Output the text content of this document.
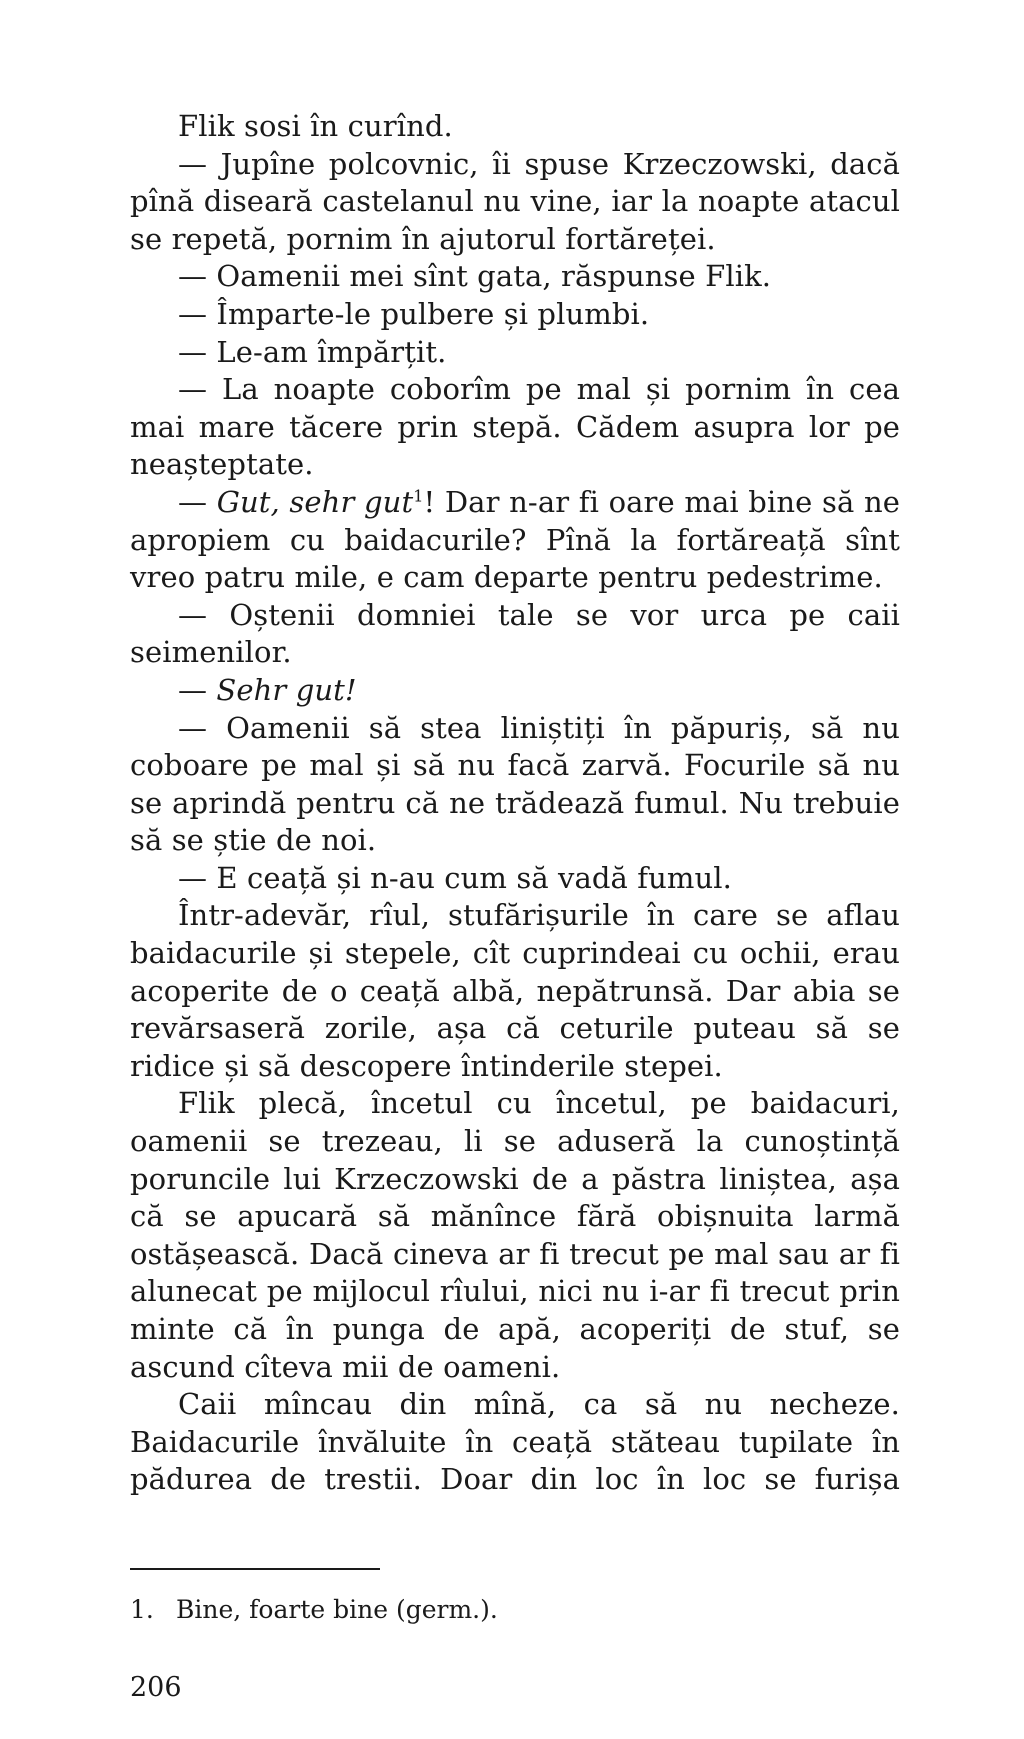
Flik sosi în curînd.

— Jupîne polcovnic, îi spuse Krzeczowski, dacă pînă diseară castelanul nu vine, iar la noapte atacul se repetă, pornim în ajutorul fortăreței.

— Oamenii mei sînt gata, răspunse Flik.

— Împarte-le pulbere și plumbi.

— Le-am împărțit.

— La noapte coborîm pe mal și pornim în cea mai mare tăcere prin stepă. Cădem asupra lor pe neașteptate.

— Gut, sehr gut$^1$! Dar n-ar fi oare mai bine să ne apropiem cu baidacurile? Pînă la fortăreață sînt vreo patru mile, e cam departe pentru pedestrime.

— Oștenii domniei tale se vor urca pe caii seimenilor.

— Sehr gut!

— Oamenii să stea liniștiți în păpuriș, să nu coboare pe mal și să nu facă zarvă. Focurile să nu se aprindă pentru că ne trădează fumul. Nu trebuie să se știe de noi.

— E ceață și n-au cum să vadă fumul.

Într-adevăr, rîul, stufărișurile în care se aflau baidacurile și stepele, cît cuprindeai cu ochii, erau acoperite de o ceață albă, nepătrunsă. Dar abia se revărsaseră zorile, așa că ceturile puteau să se ridice și să descopere întinderile stepei.

Flik plecă, încetul cu încetul, pe baidacuri, oamenii se trezeau, li se aduseră la cunoștință poruncile lui Krzeczowski de a păstra liniștea, așa că se apucară să mănînce fără obișnuita larmă ostășească. Dacă cineva ar fi trecut pe mal sau ar fi alunecat pe mijlocul rîului, nici nu i-ar fi trecut prin minte că în punga de apă, acoperiți de stuf, se ascund cîteva mii de oameni.

Caii mîncau din mînă, ca să nu necheze. Baidacurile învăluite în ceață stăteau tupilate în pădurea de trestii. Doar din loc în loc se furișa

1. Bine, foarte bine (germ.).
206
